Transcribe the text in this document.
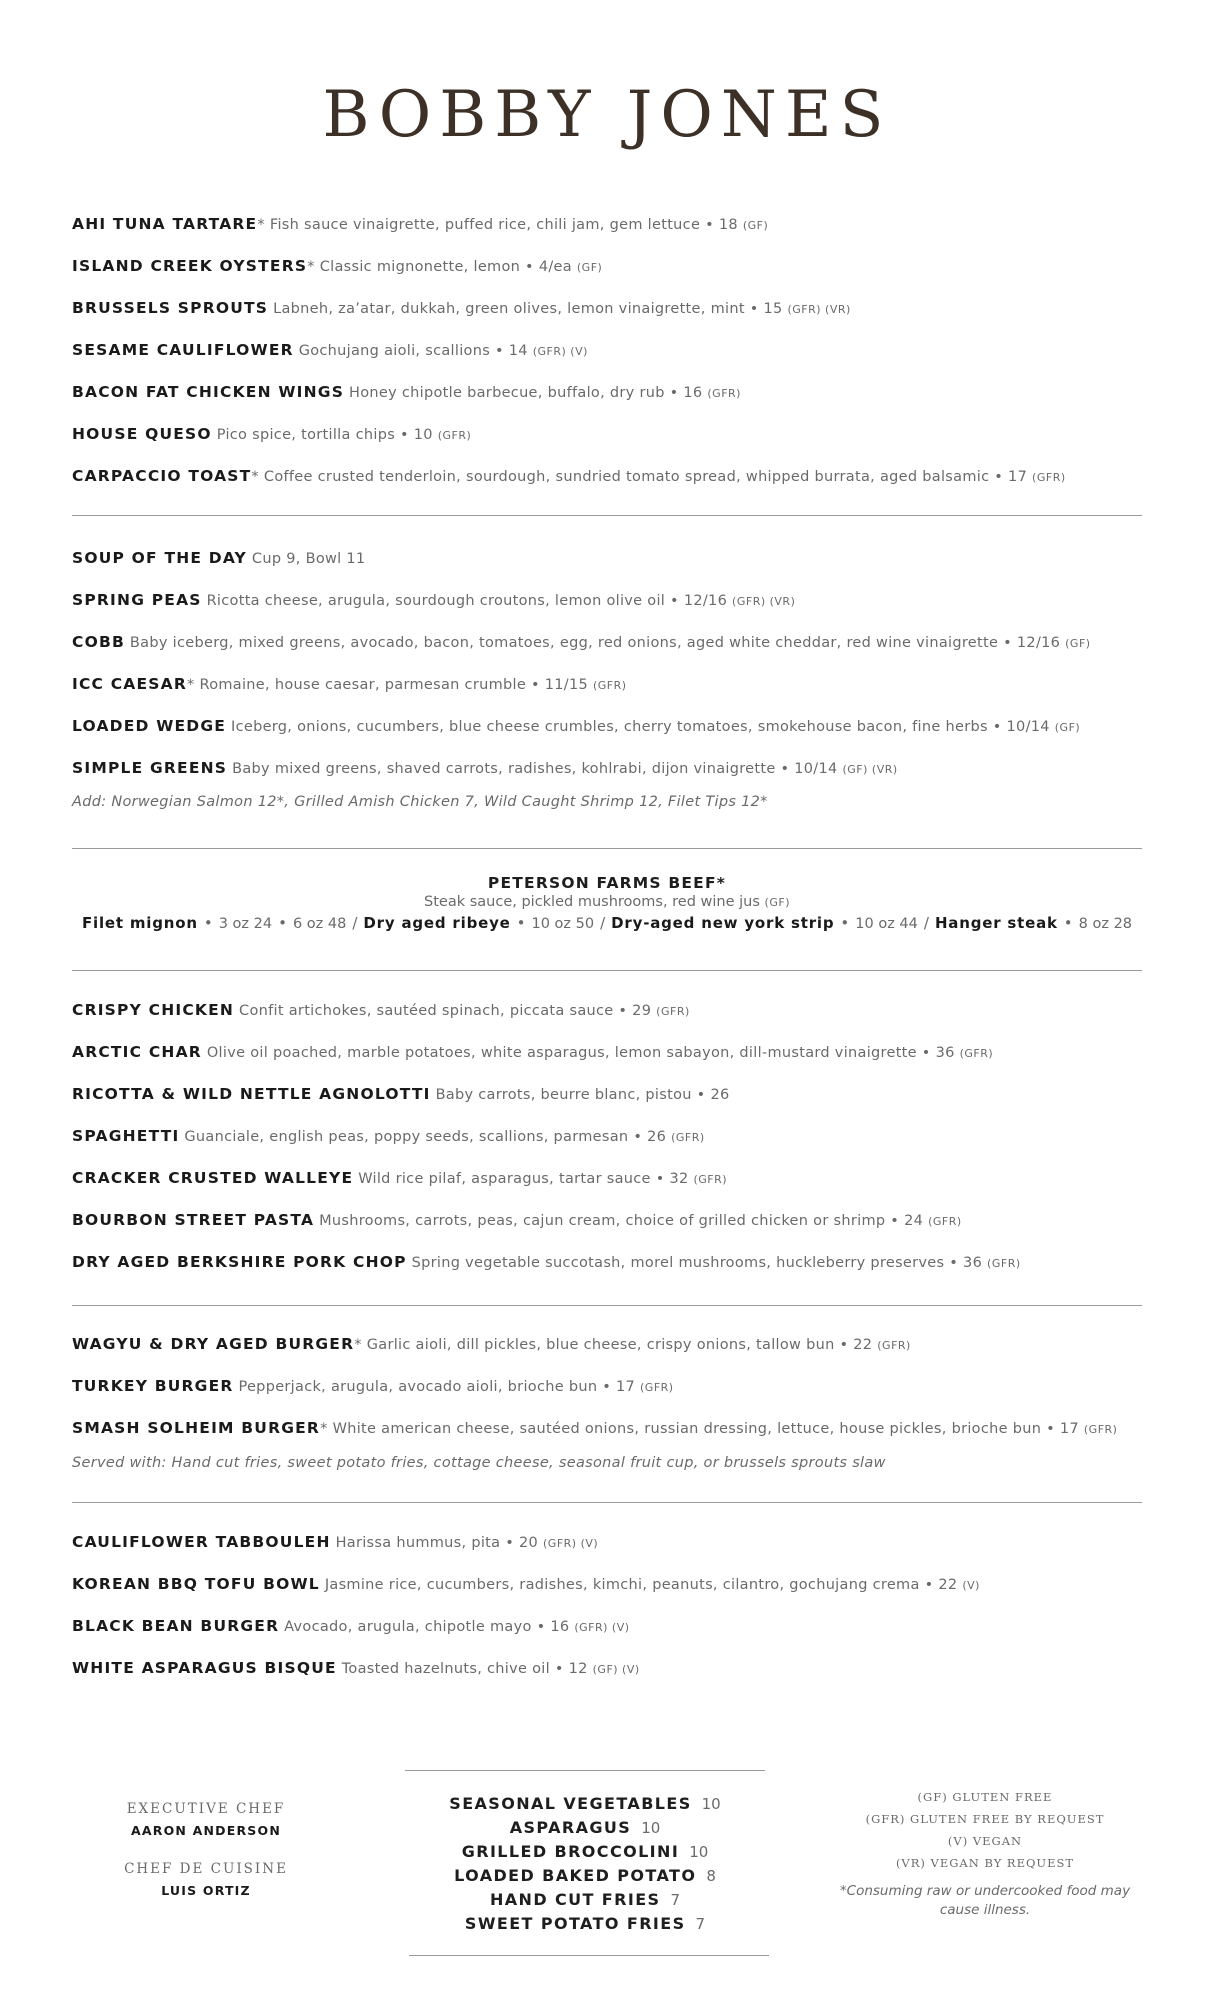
BOBBY JONES
AHI TUNA TARTARE* Fish sauce vinaigrette, puffed rice, chili jam, gem lettuce • 18 (GF)
ISLAND CREEK OYSTERS* Classic mignonette, lemon • 4/ea (GF)
BRUSSELS SPROUTS Labneh, za’atar, dukkah, green olives, lemon vinaigrette, mint • 15 (GFR) (VR)
SESAME CAULIFLOWER Gochujang aioli, scallions • 14 (GFR) (V)
BACON FAT CHICKEN WINGS Honey chipotle barbecue, buffalo, dry rub • 16 (GFR)
HOUSE QUESO Pico spice, tortilla chips • 10 (GFR)
CARPACCIO TOAST* Coffee crusted tenderloin, sourdough, sundried tomato spread, whipped burrata, aged balsamic • 17 (GFR)
SOUP OF THE DAY Cup 9, Bowl 11
SPRING PEAS Ricotta cheese, arugula, sourdough croutons, lemon olive oil • 12/16 (GFR) (VR)
COBB Baby iceberg, mixed greens, avocado, bacon, tomatoes, egg, red onions, aged white cheddar, red wine vinaigrette • 12/16 (GF)
ICC CAESAR* Romaine, house caesar, parmesan crumble • 11/15 (GFR)
LOADED WEDGE Iceberg, onions, cucumbers, blue cheese crumbles, cherry tomatoes, smokehouse bacon, fine herbs • 10/14 (GF)
SIMPLE GREENS Baby mixed greens, shaved carrots, radishes, kohlrabi, dijon vinaigrette • 10/14 (GF) (VR)
Add: Norwegian Salmon 12*, Grilled Amish Chicken 7, Wild Caught Shrimp 12, Filet Tips 12*
PETERSON FARMS BEEF*
Steak sauce, pickled mushrooms, red wine jus (GF)
Filet mignon • 3 oz 24 • 6 oz 48 / Dry aged ribeye • 10 oz 50 / Dry-aged new york strip • 10 oz 44 / Hanger steak • 8 oz 28
CRISPY CHICKEN Confit artichokes, sautéed spinach, piccata sauce • 29 (GFR)
ARCTIC CHAR Olive oil poached, marble potatoes, white asparagus, lemon sabayon, dill-mustard vinaigrette • 36 (GFR)
RICOTTA & WILD NETTLE AGNOLOTTI Baby carrots, beurre blanc, pistou • 26
SPAGHETTI Guanciale, english peas, poppy seeds, scallions, parmesan • 26 (GFR)
CRACKER CRUSTED WALLEYE Wild rice pilaf, asparagus, tartar sauce • 32 (GFR)
BOURBON STREET PASTA Mushrooms, carrots, peas, cajun cream, choice of grilled chicken or shrimp • 24 (GFR)
DRY AGED BERKSHIRE PORK CHOP Spring vegetable succotash, morel mushrooms, huckleberry preserves • 36 (GFR)
WAGYU & DRY AGED BURGER* Garlic aioli, dill pickles, blue cheese, crispy onions, tallow bun • 22 (GFR)
TURKEY BURGER Pepperjack, arugula, avocado aioli, brioche bun • 17 (GFR)
SMASH SOLHEIM BURGER* White american cheese, sautéed onions, russian dressing, lettuce, house pickles, brioche bun • 17 (GFR)
Served with: Hand cut fries, sweet potato fries, cottage cheese, seasonal fruit cup, or brussels sprouts slaw
CAULIFLOWER TABBOULEH Harissa hummus, pita • 20 (GFR) (V)
KOREAN BBQ TOFU BOWL Jasmine rice, cucumbers, radishes, kimchi, peanuts, cilantro, gochujang crema • 22 (V)
BLACK BEAN BURGER Avocado, arugula, chipotle mayo • 16 (GFR) (V)
WHITE ASPARAGUS BISQUE Toasted hazelnuts, chive oil • 12 (GF) (V)
EXECUTIVE CHEF
AARON ANDERSON
CHEF DE CUISINE
LUIS ORTIZ
SEASONAL VEGETABLES 10
ASPARAGUS 10
GRILLED BROCCOLINI 10
LOADED BAKED POTATO 8
HAND CUT FRIES 7
SWEET POTATO FRIES 7
(GF) GLUTEN FREE
(GFR) GLUTEN FREE BY REQUEST
(V) VEGAN
(VR) VEGAN BY REQUEST
*Consuming raw or undercooked food may cause illness.
